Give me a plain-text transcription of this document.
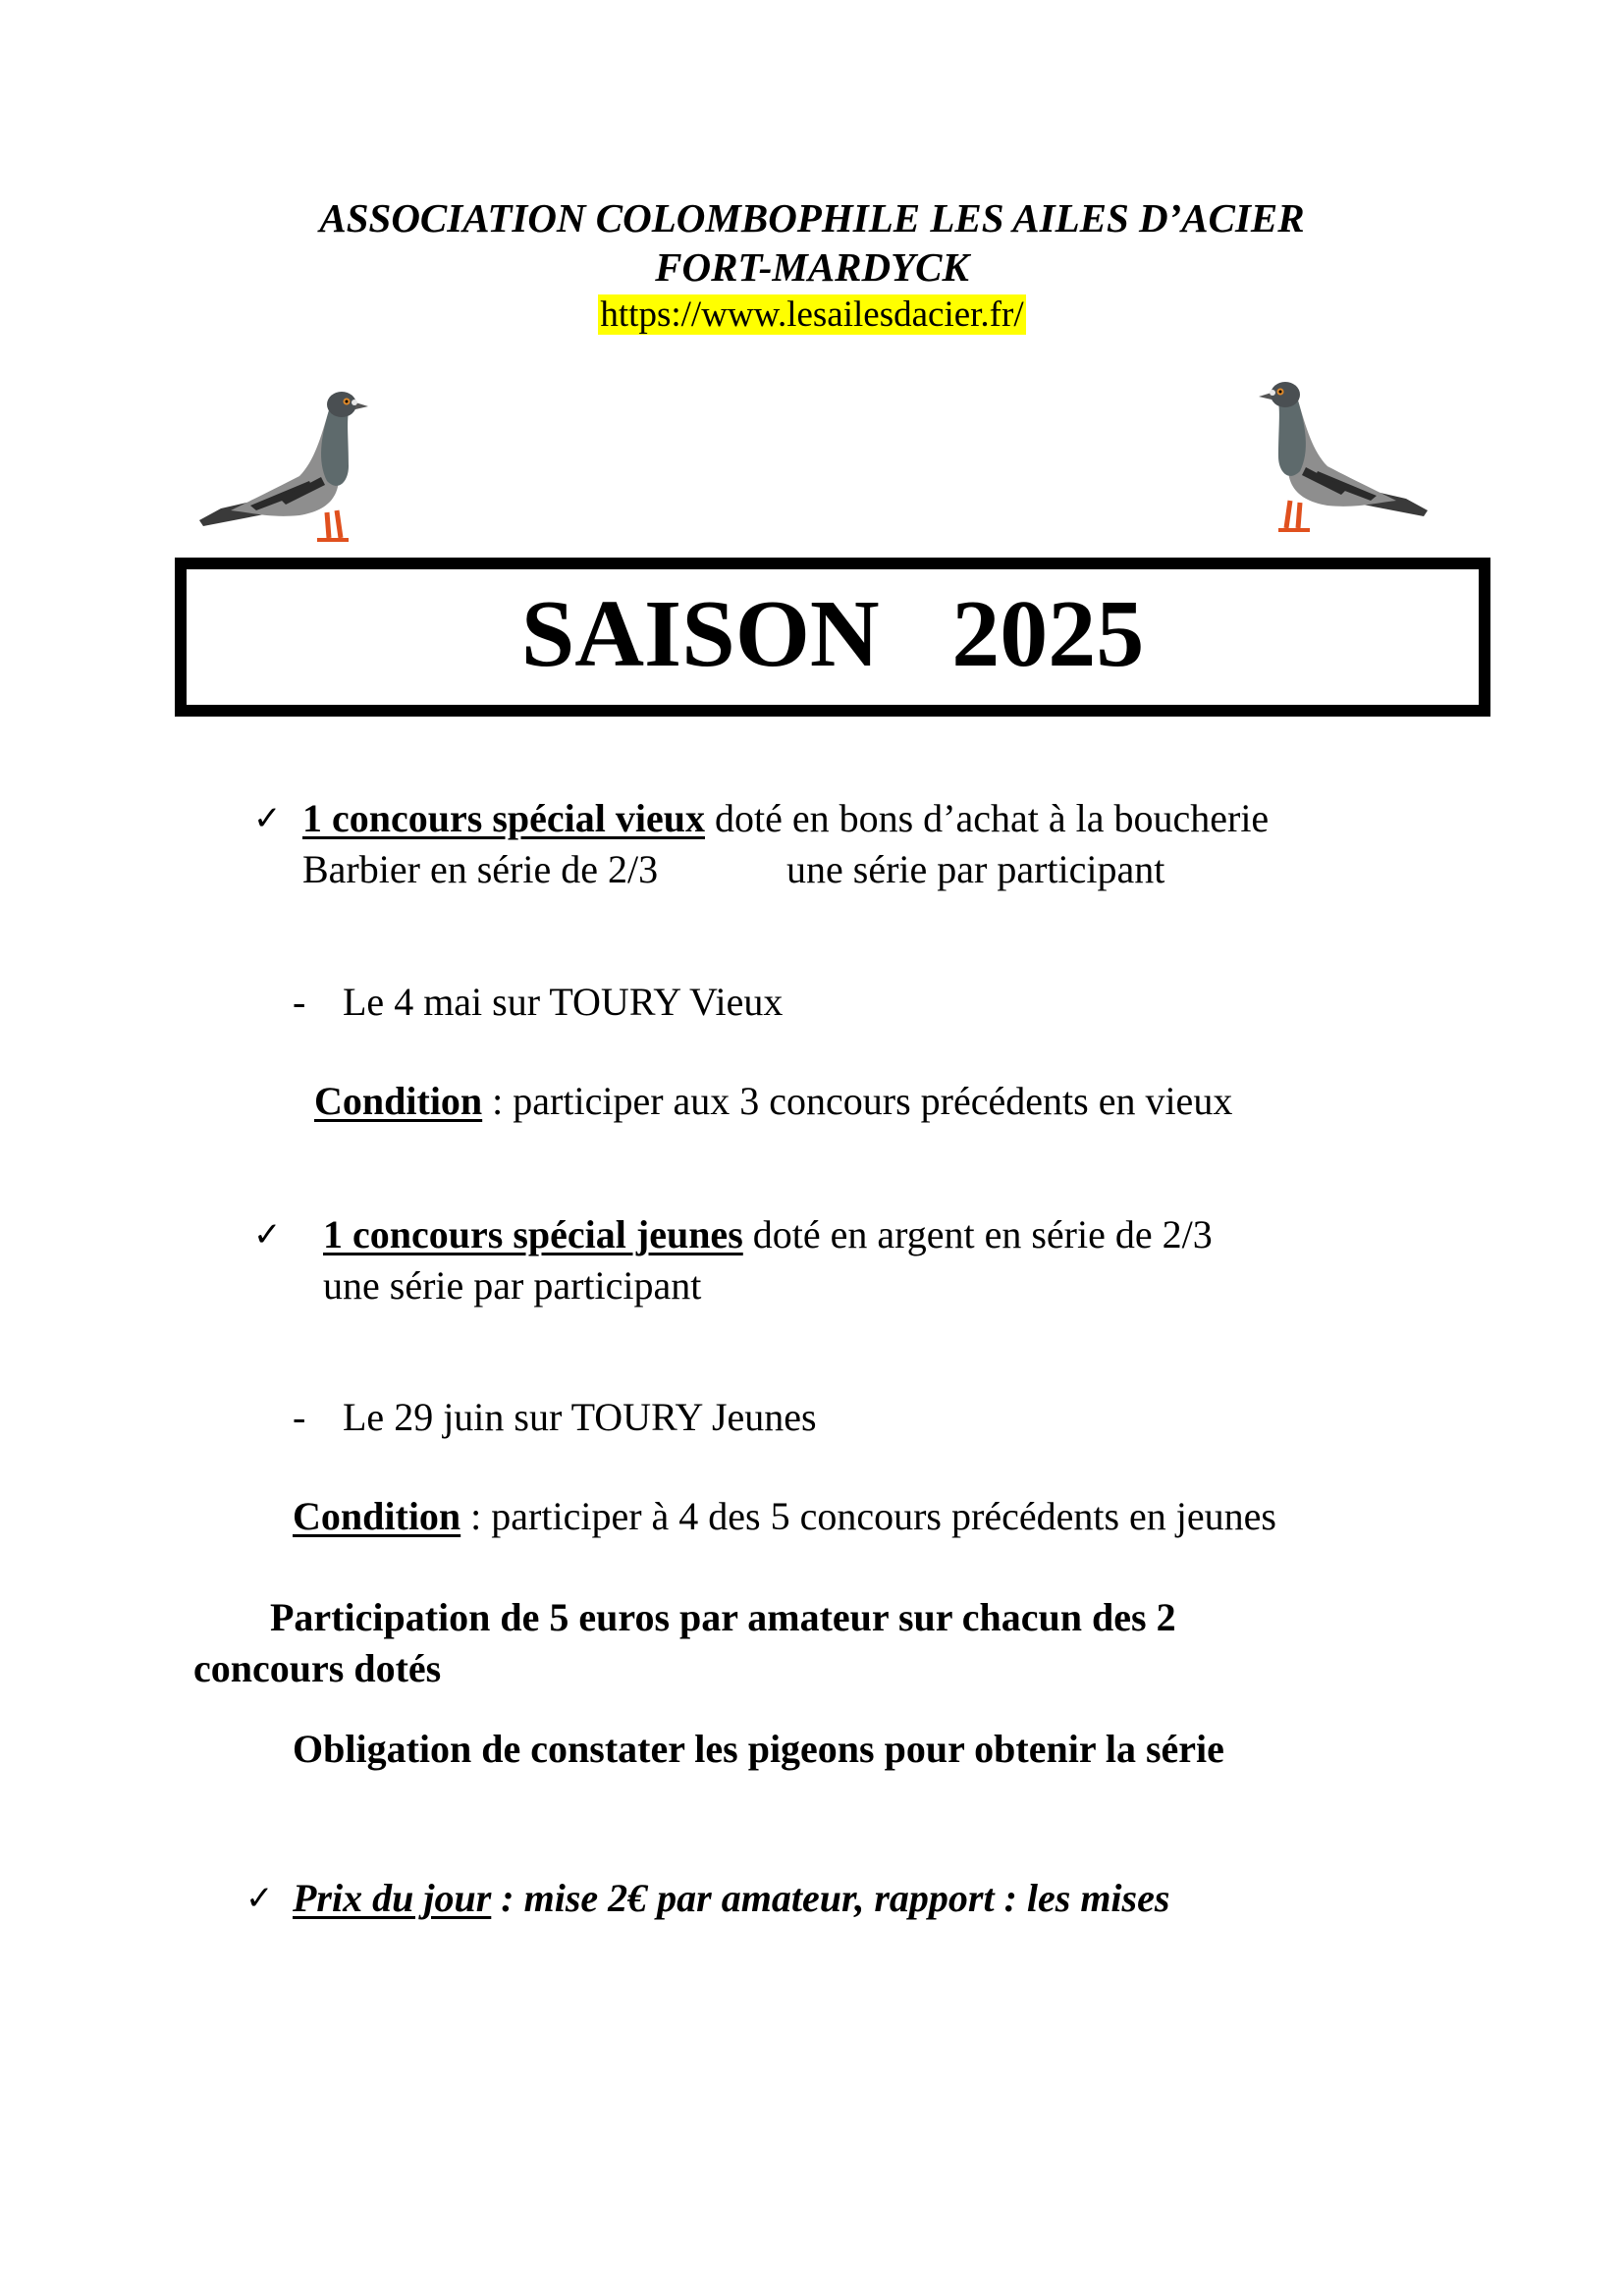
ASSOCIATION COLOMBOPHILE LES AILES D’ACIER
FORT-MARDYCK
https://www.lesailesdacier.fr/
SAISON   2025
✓ 1 concours spécial vieux doté en bons d’achat à la boucherie
Barbier en série de 2/3	une série par participant
- Le 4 mai sur TOURY Vieux
Condition : participer aux 3 concours précédents en vieux
✓ 1 concours spécial jeunes doté en argent en série de 2/3
une série par participant
- Le 29 juin sur TOURY Jeunes
Condition : participer à 4 des 5 concours précédents en jeunes
Participation de 5 euros par amateur sur chacun des 2
concours dotés
Obligation de constater les pigeons pour obtenir la série
✓ Prix du jour : mise 2€ par amateur, rapport : les mises
